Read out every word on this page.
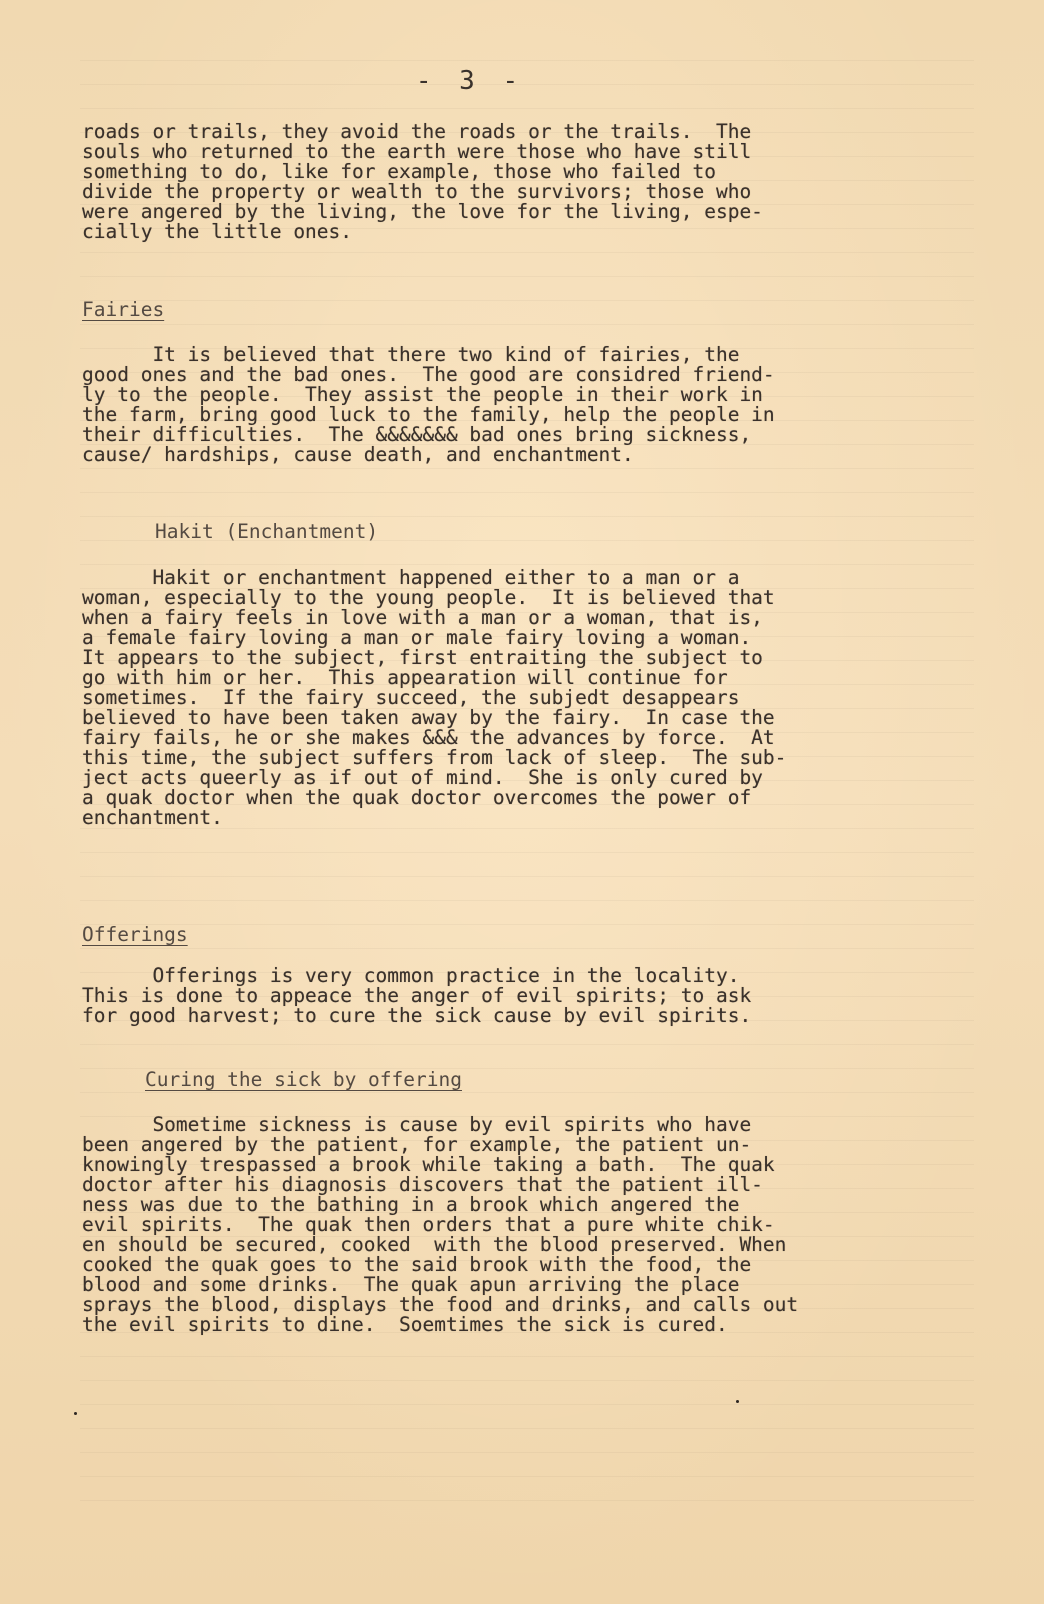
- 3 -
roads or trails, they avoid the roads or the trails.  The
souls who returned to the earth were those who have still
something to do, like for example, those who failed to
divide the property or wealth to the survivors; those who
were angered by the living, the love for the living, espe-
cially the little ones.
Fairies
It is believed that there two kind of fairies, the
good ones and the bad ones.  The good are considred friend-
ly to the people.  They assist the people in their work in
the farm, bring good luck to the family, help the people in
their difficulties.  The &&&&&&& bad ones bring sickness,
cause/ hardships, cause death, and enchantment.
Hakit (Enchantment)
Hakit or enchantment happened either to a man or a
woman, especially to the young people.  It is believed that
when a fairy feels in love with a man or a woman, that is,
a female fairy loving a man or male fairy loving a woman.
It appears to the subject, first entraiting the subject to
go with him or her.  This appearation will continue for
sometimes.  If the fairy succeed, the subjedt desappears
believed to have been taken away by the fairy.  In case the
fairy fails, he or she makes &&& the advances by force.  At
this time, the subject suffers from lack of sleep.  The sub-
ject acts queerly as if out of mind.  She is only cured by
a quak doctor when the quak doctor overcomes the power of
enchantment.
Offerings
Offerings is very common practice in the locality.
This is done to appeace the anger of evil spirits; to ask
for good harvest; to cure the sick cause by evil spirits.
Curing the sick by offering
Sometime sickness is cause by evil spirits who have
been angered by the patient, for example, the patient un-
knowingly trespassed a brook while taking a bath.  The quak
doctor after his diagnosis discovers that the patient ill-
ness was due to the bathing in a brook which angered the
evil spirits.  The quak then orders that a pure white chik-
en should be secured, cooked  with the blood preserved. When
cooked the quak goes to the said brook with the food, the
blood and some drinks.  The quak apun arriving the place
sprays the blood, displays the food and drinks, and calls out
the evil spirits to dine.  Soemtimes the sick is cured.
